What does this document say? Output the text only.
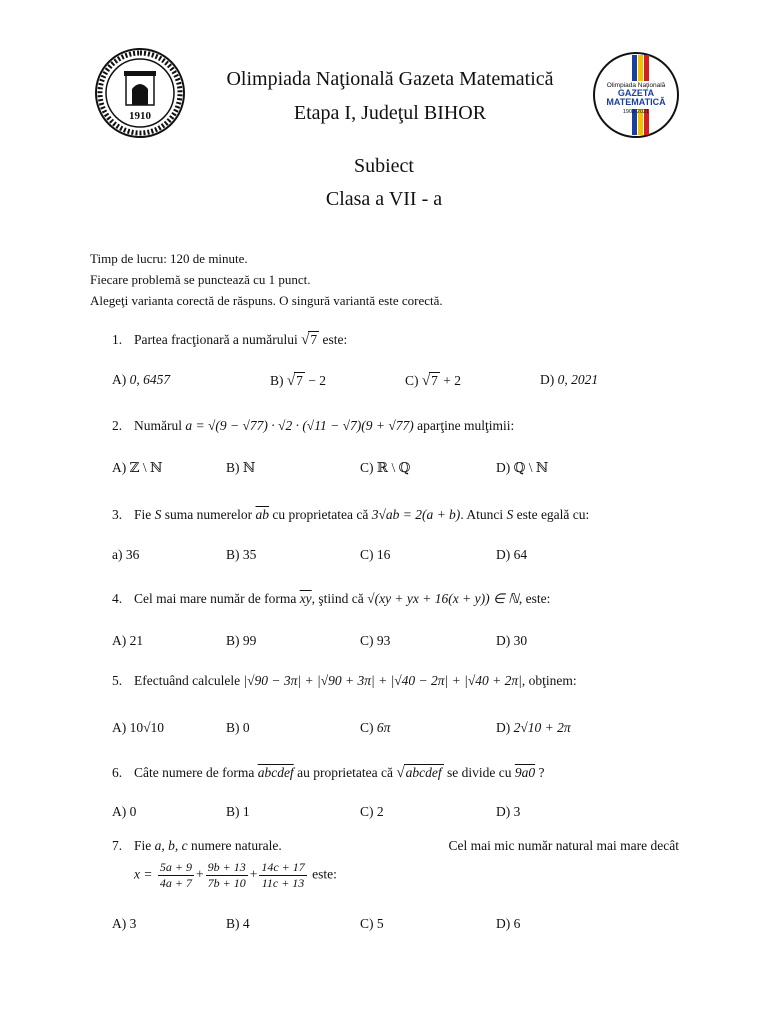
1910
Olimpiada Naţională Gazeta Matematică
Etapa I, Judeţul BIHOR
Olimpiada Naţională
GAZETA
MATEMATICĂ
1902-2021
Subiect
Clasa a VII - a
Timp de lucru: 120 de minute.
Fiecare problemă se punctează cu 1 punct.
Alegeţi varianta corectă de răspuns. O singură variantă este corectă.
1. Partea fracţionară a numărului √7 este:
A) 0, 6457	B) √7 − 2	C) √7 + 2	D) 0, 2021
2. Numărul a = √(9 − √77) · √2 · (√11 − √7)(9 + √77) aparţine mulţimii:
A) ℤ \ ℕ	B) ℕ	C) ℝ \ ℚ	D) ℚ \ ℕ
3. Fie S suma numerelor $\overline{ab}$ cu proprietatea că 3√ab = 2(a + b). Atunci S este egală cu:
a) 36	B) 35	C) 16	D) 64
4. Cel mai mare număr de forma $\overline{xy}$, ştiind că √(xy + yx + 16(x + y)) ∈ ℕ, este:
A) 21	B) 99	C) 93	D) 30
5. Efectuând calculele |√90 − 3π| + |√90 + 3π| + |√40 − 2π| + |√40 + 2π|, obţinem:
A) 10√10	B) 0	C) 6π	D) 2√10 + 2π
6. Câte numere de forma abcdef au proprietatea că √abcdef se divide cu 9a0 ?
A) 0	B) 1	C) 2	D) 3
7. Fie a, b, c numere naturale.	Cel mai mic număr natural mai mare decât
$x = \frac{5a + 9}{4a + 7} + \frac{9b + 13}{7b + 10} + \frac{14c + 17}{11c + 13}$ este:
A) 3	B) 4	C) 5	D) 6
